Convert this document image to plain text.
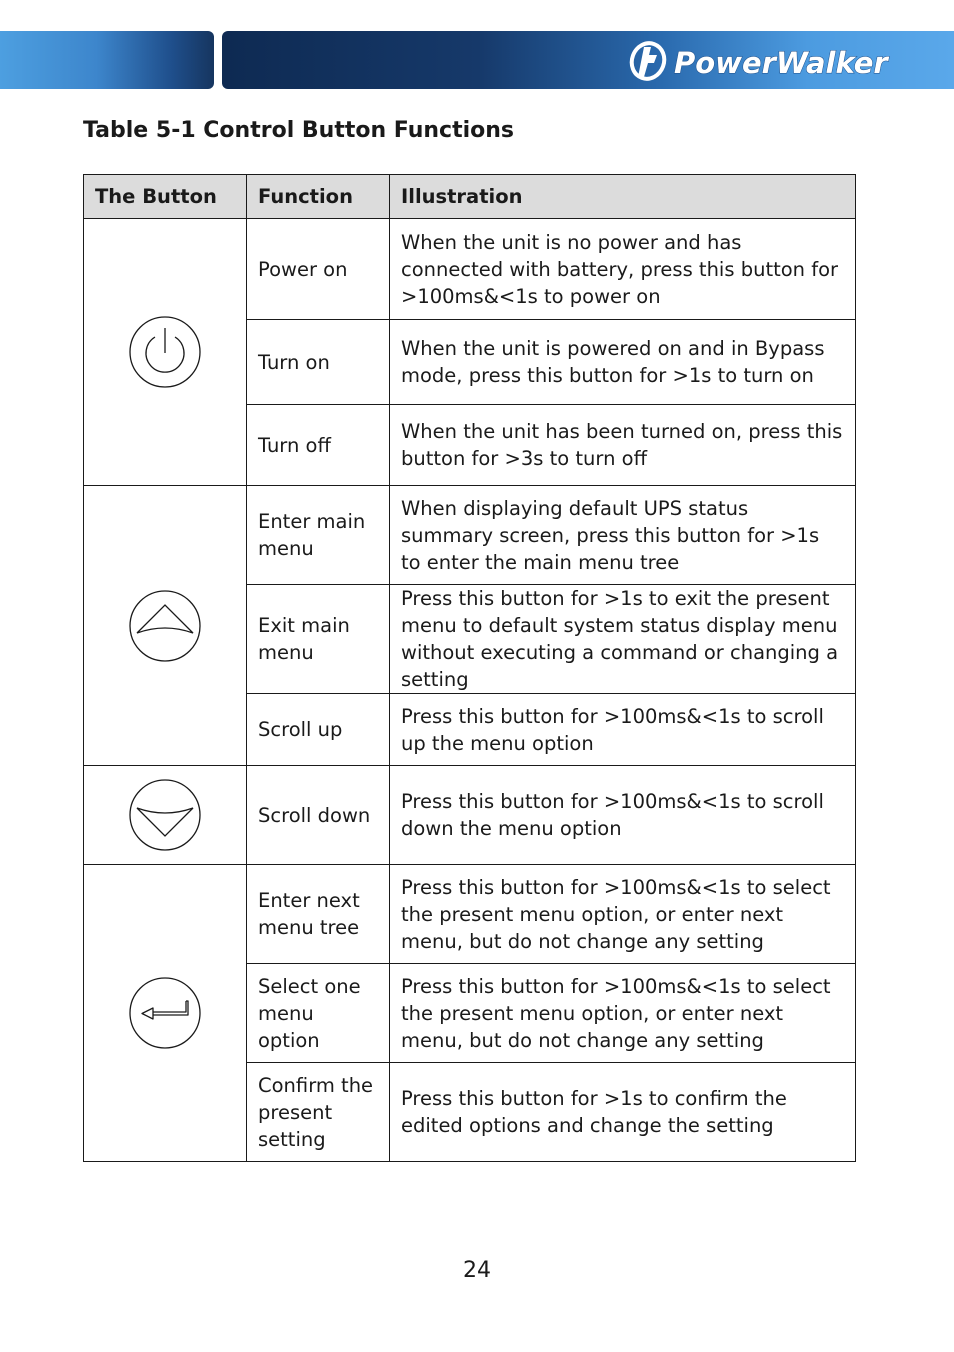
PowerWalker
Table 5-1 Control Button Functions
The Button	Function	Illustration

	Power on	When the unit is no power and has connected with battery, press this button for >100ms&<1s to power on
	Turn on	When the unit is powered on and in Bypass mode, press this button for >1s to turn on
	Turn off	When the unit has been turned on, press this button for >3s to turn off

	Enter main menu	When displaying default UPS status summary screen, press this button for >1s to enter the main menu tree
	Exit main menu	Press this button for >1s to exit the present menu to default system status display menu without executing a command or changing a setting
	Scroll up	Press this button for >100ms&<1s to scroll up the menu option

	Scroll down	Press this button for >100ms&<1s to scroll down the menu option

	Enter next menu tree	Press this button for >100ms&<1s to select the present menu option, or enter next menu, but do not change any setting
	Select one menu option	Press this button for >100ms&<1s to select the present menu option, or enter next menu, but do not change any setting
	Confirm the present setting	Press this button for >1s to confirm the edited options and change the setting
24
